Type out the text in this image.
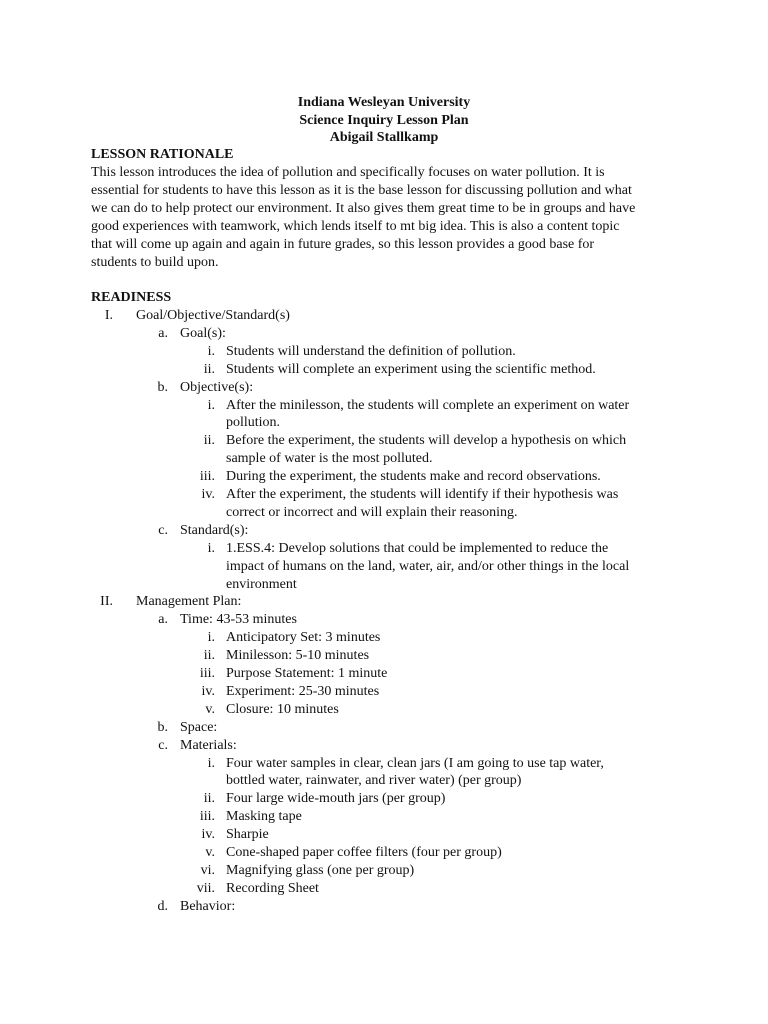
Indiana Wesleyan University
Science Inquiry Lesson Plan
Abigail Stallkamp
LESSON RATIONALE
This lesson introduces the idea of pollution and specifically focuses on water pollution. It is
essential for students to have this lesson as it is the base lesson for discussing pollution and what
we can do to help protect our environment. It also gives them great time to be in groups and have
good experiences with teamwork, which lends itself to mt big idea. This is also a content topic
that will come up again and again in future grades, so this lesson provides a good base for
students to build upon.
READINESS
I. Goal/Objective/Standard(s)
a. Goal(s):
i. Students will understand the definition of pollution.
ii. Students will complete an experiment using the scientific method.
b. Objective(s):
i. After the minilesson, the students will complete an experiment on water
pollution.
ii. Before the experiment, the students will develop a hypothesis on which
sample of water is the most polluted.
iii. During the experiment, the students make and record observations.
iv. After the experiment, the students will identify if their hypothesis was
correct or incorrect and will explain their reasoning.
c. Standard(s):
i. 1.ESS.4: Develop solutions that could be implemented to reduce the
impact of humans on the land, water, air, and/or other things in the local
environment
II. Management Plan:
a. Time: 43-53 minutes
i. Anticipatory Set: 3 minutes
ii. Minilesson: 5-10 minutes
iii. Purpose Statement: 1 minute
iv. Experiment: 25-30 minutes
v. Closure: 10 minutes
b. Space:
c. Materials:
i. Four water samples in clear, clean jars (I am going to use tap water,
bottled water, rainwater, and river water) (per group)
ii. Four large wide-mouth jars (per group)
iii. Masking tape
iv. Sharpie
v. Cone-shaped paper coffee filters (four per group)
vi. Magnifying glass (one per group)
vii. Recording Sheet
d. Behavior:
